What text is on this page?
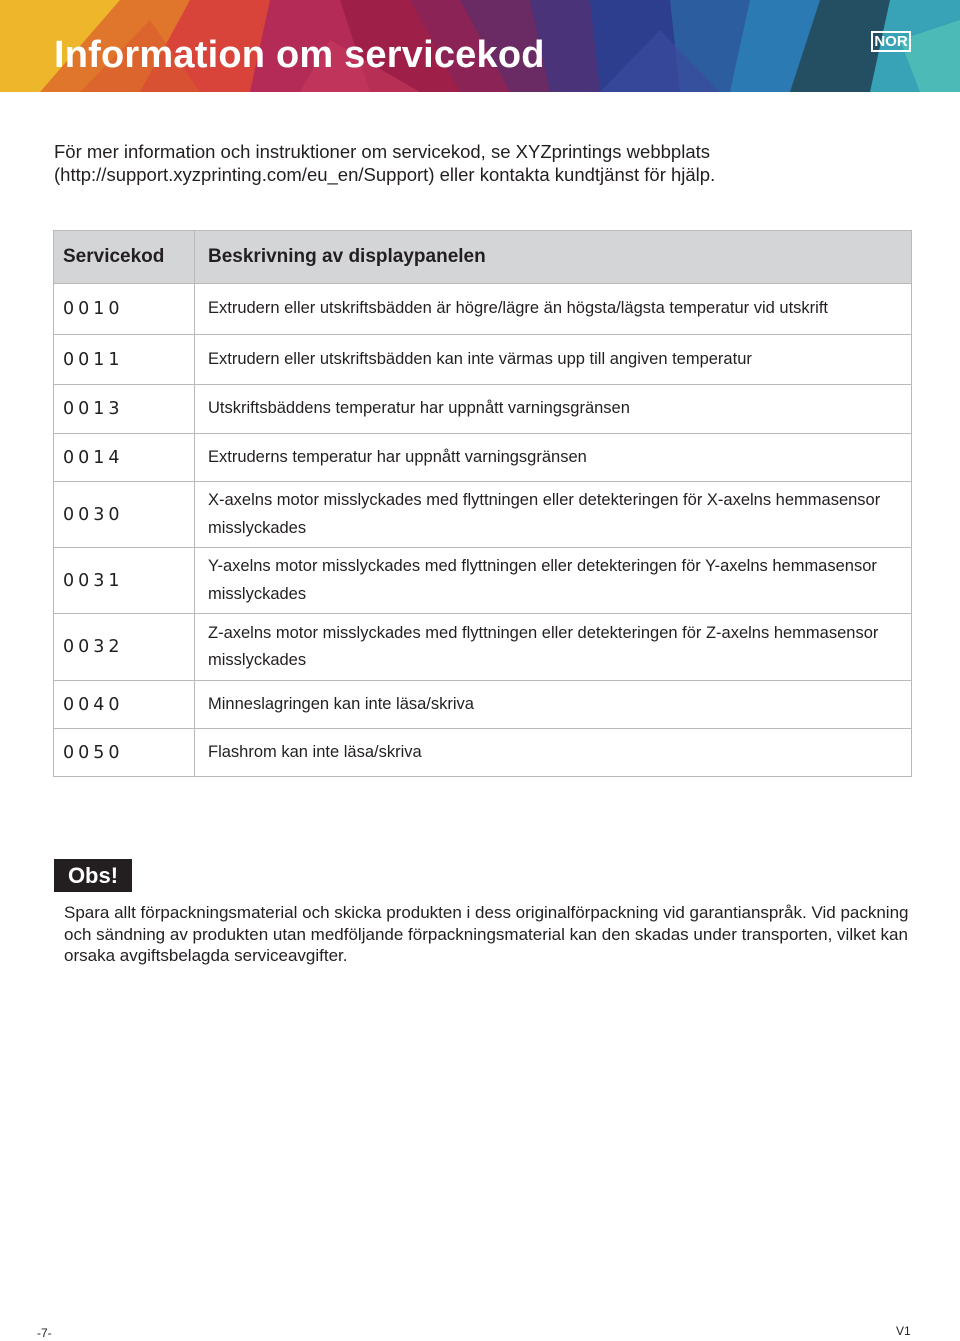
Information om servicekod	NOR

För mer information och instruktioner om servicekod, se XYZprintings webbplats (http://support.xyzprinting.com/eu_en/Support) eller kontakta kundtjänst för hjälp.

Servicekod	Beskrivning av displaypanelen
0010	Extrudern eller utskriftsbädden är högre/lägre än högsta/lägsta temperatur vid utskrift
0011	Extrudern eller utskriftsbädden kan inte värmas upp till angiven temperatur
0013	Utskriftsbäddens temperatur har uppnått varningsgränsen
0014	Extruderns temperatur har uppnått varningsgränsen
0030	X-axelns motor misslyckades med flyttningen eller detekteringen för X-axelns hemmasensor misslyckades
0031	Y-axelns motor misslyckades med flyttningen eller detekteringen för Y-axelns hemmasensor misslyckades
0032	Z-axelns motor misslyckades med flyttningen eller detekteringen för Z-axelns hemmasensor misslyckades
0040	Minneslagringen kan inte läsa/skriva
0050	Flashrom kan inte läsa/skriva
Obs!

Spara allt förpackningsmaterial och skicka produkten i dess originalförpackning vid garantianspråk. Vid packning och sändning av produkten utan medföljande förpackningsmaterial kan den skadas under transporten, vilket kan orsaka avgiftsbelagda serviceavgifter.

-7-	V1
